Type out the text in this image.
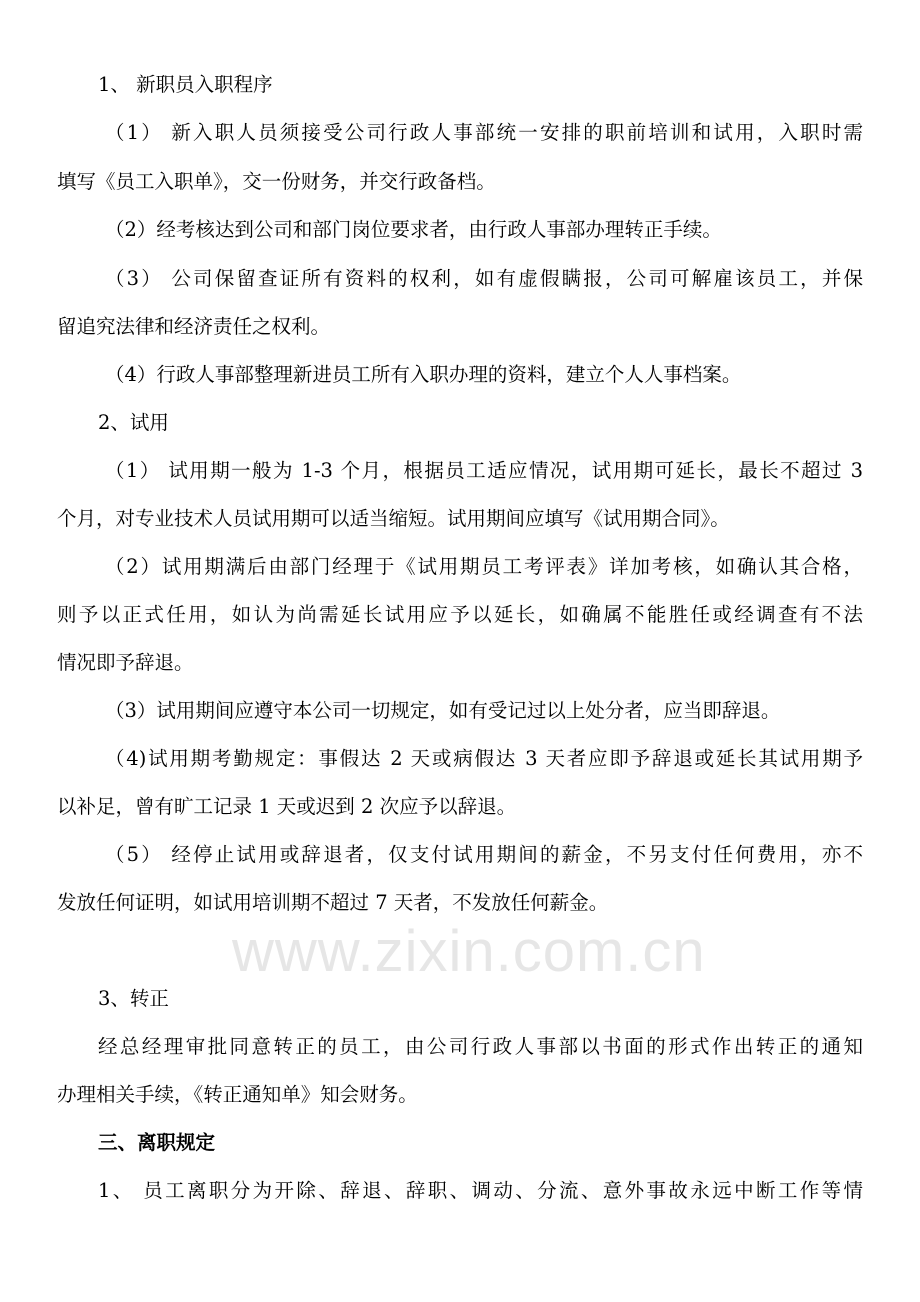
www.zixin.com.cn
1、 新职员入职程序
（1） 新入职人员须接受公司行政人事部统一安排的职前培训和试用，入职时需
填写《员工入职单》，交一份财务，并交行政备档。
（2）经考核达到公司和部门岗位要求者，由行政人事部办理转正手续。
（3） 公司保留查证所有资料的权利，如有虚假瞒报，公司可解雇该员工，并保
留追究法律和经济责任之权利。
（4）行政人事部整理新进员工所有入职办理的资料，建立个人人事档案。
2、试用
（1） 试用期一般为 1-3 个月，根据员工适应情况，试用期可延长，最长不超过 3
个月，对专业技术人员试用期可以适当缩短。试用期间应填写《试用期合同》。
（2）试用期满后由部门经理于《试用期员工考评表》详加考核，如确认其合格，
则予以正式任用，如认为尚需延长试用应予以延长，如确属不能胜任或经调查有不法
情况即予辞退。
（3）试用期间应遵守本公司一切规定，如有受记过以上处分者，应当即辞退。
（4)试用期考勤规定：事假达 2 天或病假达 3 天者应即予辞退或延长其试用期予
以补足，曾有旷工记录 1 天或迟到 2 次应予以辞退。
（5） 经停止试用或辞退者，仅支付试用期间的薪金，不另支付任何费用，亦不
发放任何证明，如试用培训期不超过 7 天者，不发放任何薪金。
3、转正
经总经理审批同意转正的员工，由公司行政人事部以书面的形式作出转正的通知
办理相关手续，《转正通知单》知会财务。
三、离职规定
1、 员工离职分为开除、辞退、辞职、调动、分流、意外事故永远中断工作等情
